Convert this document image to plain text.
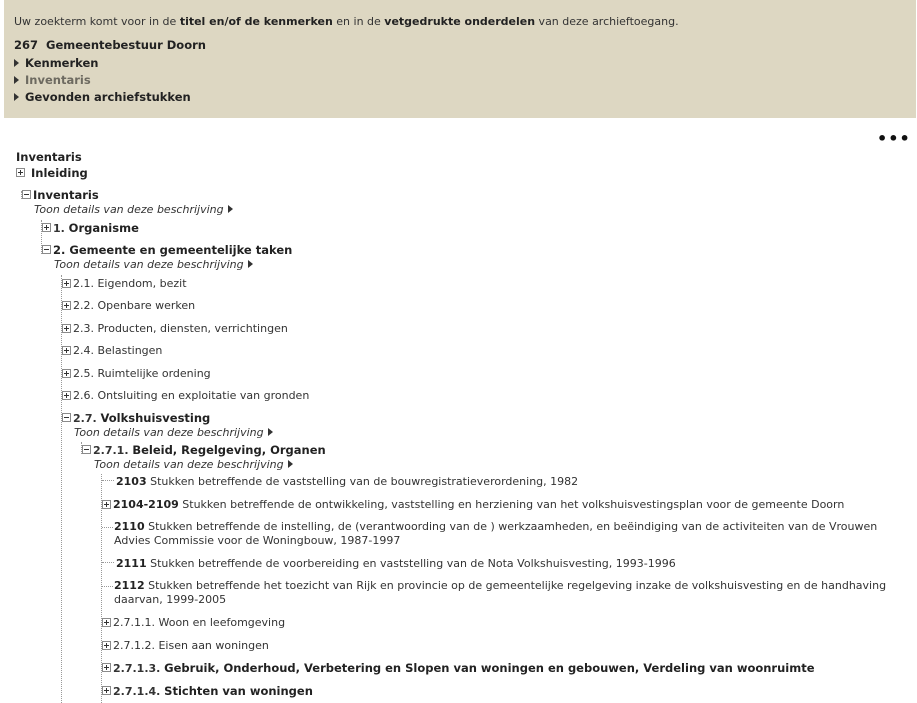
Uw zoekterm komt voor in de titel en/of de kenmerken en in de vetgedrukte onderdelen van deze archieftoegang.
267 Gemeentebestuur Doorn
Kenmerken
Inventaris
Gevonden archiefstukken
•••
Inventaris
Inleiding
Inventaris
Toon details van deze beschrijving
1. Organisme
2. Gemeente en gemeentelijke taken
Toon details van deze beschrijving
2.1. Eigendom, bezit
2.2. Openbare werken
2.3. Producten, diensten, verrichtingen
2.4. Belastingen
2.5. Ruimtelijke ordening
2.6. Ontsluiting en exploitatie van gronden
2.7. Volkshuisvesting
Toon details van deze beschrijving
2.7.1. Beleid, Regelgeving, Organen
Toon details van deze beschrijving
2103 Stukken betreffende de vaststelling van de bouwregistratieverordening, 1982
2104-2109 Stukken betreffende de ontwikkeling, vaststelling en herziening van het volkshuisvestingsplan voor de gemeente Doorn
2110 Stukken betreffende de instelling, de (verantwoording van de ) werkzaamheden, en beëindiging van de activiteiten van de Vrouwen Advies Commissie voor de Woningbouw, 1987-1997
2111 Stukken betreffende de voorbereiding en vaststelling van de Nota Volkshuisvesting, 1993-1996
2112 Stukken betreffende het toezicht van Rijk en provincie op de gemeentelijke regelgeving inzake de volkshuisvesting en de handhaving daarvan, 1999-2005
2.7.1.1. Woon en leefomgeving
2.7.1.2. Eisen aan woningen
2.7.1.3. Gebruik, Onderhoud, Verbetering en Slopen van woningen en gebouwen, Verdeling van woonruimte
2.7.1.4. Stichten van woningen
